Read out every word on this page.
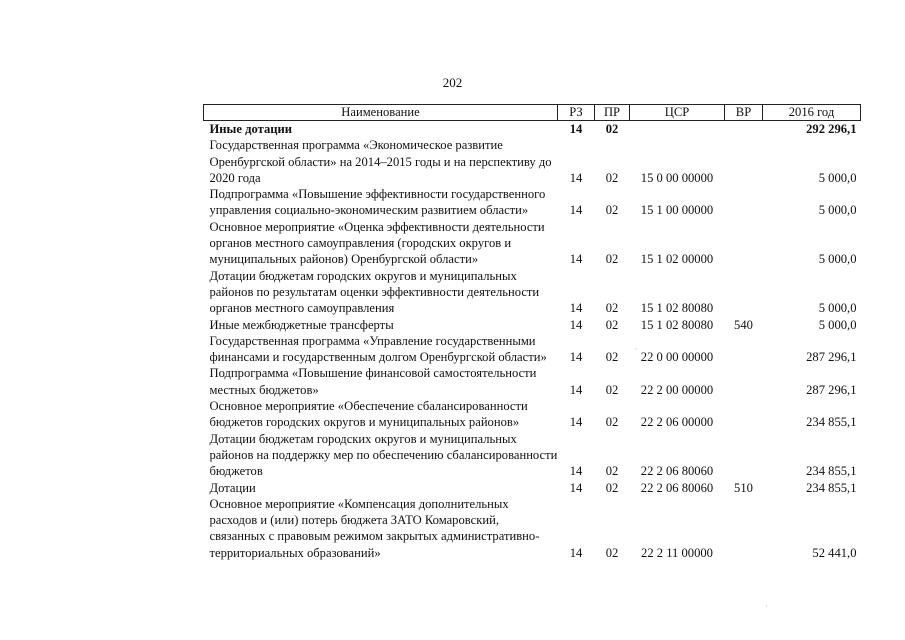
202
Наименование	РЗ	ПР	ЦСР	ВР	2016 год
Иные дотации	14	02			292 296,1
Государственная программа «Экономическое развитие Оренбургской области» на 2014–2015 годы и на перспективу до 2020 года	14	02	15 0 00 00000		5 000,0
Подпрограмма «Повышение эффективности государственного управления социально-экономическим развитием области»	14	02	15 1 00 00000		5 000,0
Основное мероприятие «Оценка эффективности деятельности органов местного самоуправления (городских округов и муниципальных районов) Оренбургской области»	14	02	15 1 02 00000		5 000,0
Дотации бюджетам городских округов и муниципальных районов по результатам оценки эффективности деятельности органов местного самоуправления	14	02	15 1 02 80080		5 000,0
Иные межбюджетные трансферты	14	02	15 1 02 80080	540	5 000,0
Государственная программа «Управление государственными финансами и государственным долгом Оренбургской области»	14	02	22 0 00 00000		287 296,1
Подпрограмма «Повышение финансовой самостоятельности местных бюджетов»	14	02	22 2 00 00000		287 296,1
Основное мероприятие «Обеспечение сбалансированности бюджетов городских округов и муниципальных районов»	14	02	22 2 06 00000		234 855,1
Дотации бюджетам городских округов и муниципальных районов на поддержку мер по обеспечению сбалансированности бюджетов	14	02	22 2 06 80060		234 855,1
Дотации	14	02	22 2 06 80060	510	234 855,1
Основное мероприятие «Компенсация дополнительных расходов и (или) потерь бюджета ЗАТО Комаровский, связанных с правовым режимом закрытых административно-территориальных образований»	14	02	22 2 11 00000		52 441,0
·
·
